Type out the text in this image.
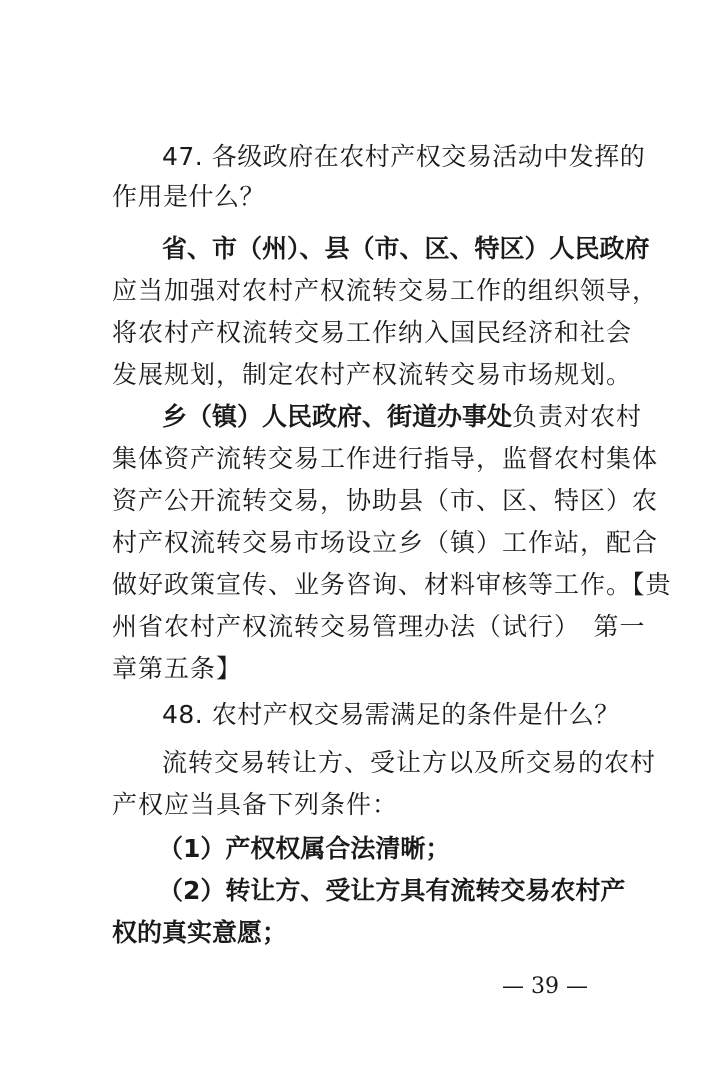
47. 各级政府在农村产权交易活动中发挥的
作用是什么？
省、市（州）、县（市、区、特区）人民政府
应当加强对农村产权流转交易工作的组织领导，
将农村产权流转交易工作纳入国民经济和社会
发展规划，制定农村产权流转交易市场规划。
乡（镇）人民政府、街道办事处负责对农村
集体资产流转交易工作进行指导，监督农村集体
资产公开流转交易，协助县（市、区、特区）农
村产权流转交易市场设立乡（镇）工作站，配合
做好政策宣传、业务咨询、材料审核等工作。【贵
州省农村产权流转交易管理办法（试行）　第一
章第五条】
48. 农村产权交易需满足的条件是什么？
流转交易转让方、受让方以及所交易的农村
产权应当具备下列条件：
（1）产权权属合法清晰；
（2）转让方、受让方具有流转交易农村产
权的真实意愿；
— 39 —
